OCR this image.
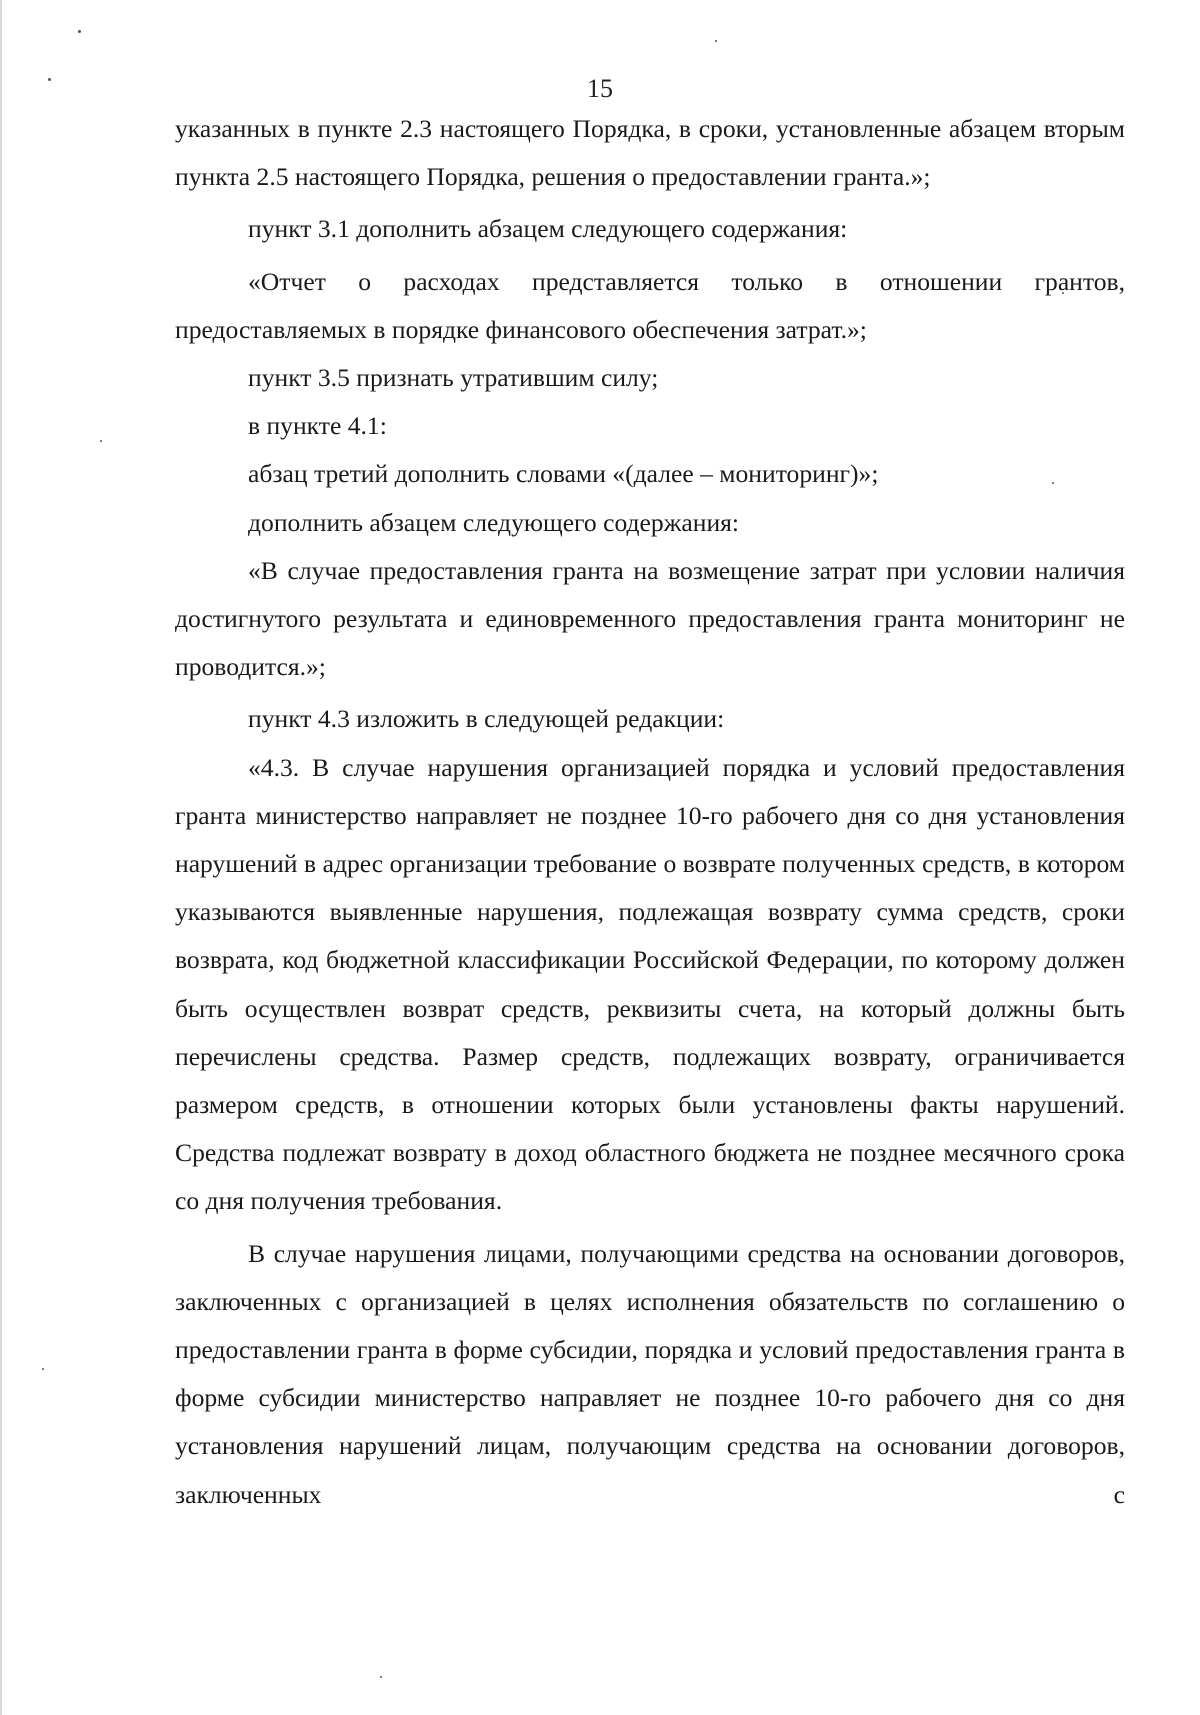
15

указанных в пункте 2.3 настоящего Порядка, в сроки, установленные абзацем вторым пункта 2.5 настоящего Порядка, решения о предоставлении гранта.»;

пункт 3.1 дополнить абзацем следующего содержания:

«Отчет о расходах представляется только в отношении грантов, предоставляемых в порядке финансового обеспечения затрат.»;

пункт 3.5 признать утратившим силу;

в пункте 4.1:

абзац третий дополнить словами «(далее – мониторинг)»;

дополнить абзацем следующего содержания:

«В случае предоставления гранта на возмещение затрат при условии наличия достигнутого результата и единовременного предоставления гранта мониторинг не проводится.»;

пункт 4.3 изложить в следующей редакции:

«4.3. В случае нарушения организацией порядка и условий предоставления гранта министерство направляет не позднее 10-го рабочего дня со дня установления нарушений в адрес организации требование о возврате полученных средств, в котором указываются выявленные нарушения, подлежащая возврату сумма средств, сроки возврата, код бюджетной классификации Российской Федерации, по которому должен быть осуществлен возврат средств, реквизиты счета, на который должны быть перечислены средства. Размер средств, подлежащих возврату, ограничивается размером средств, в отношении которых были установлены факты нарушений. Средства подлежат возврату в доход областного бюджета не позднее месячного срока со дня получения требования.

В случае нарушения лицами, получающими средства на основании договоров, заключенных с организацией в целях исполнения обязательств по соглашению о предоставлении гранта в форме субсидии, порядка и условий предоставления гранта в форме субсидии министерство направляет не позднее 10-го рабочего дня со дня установления нарушений лицам, получающим средства на основании договоров, заключенных с
